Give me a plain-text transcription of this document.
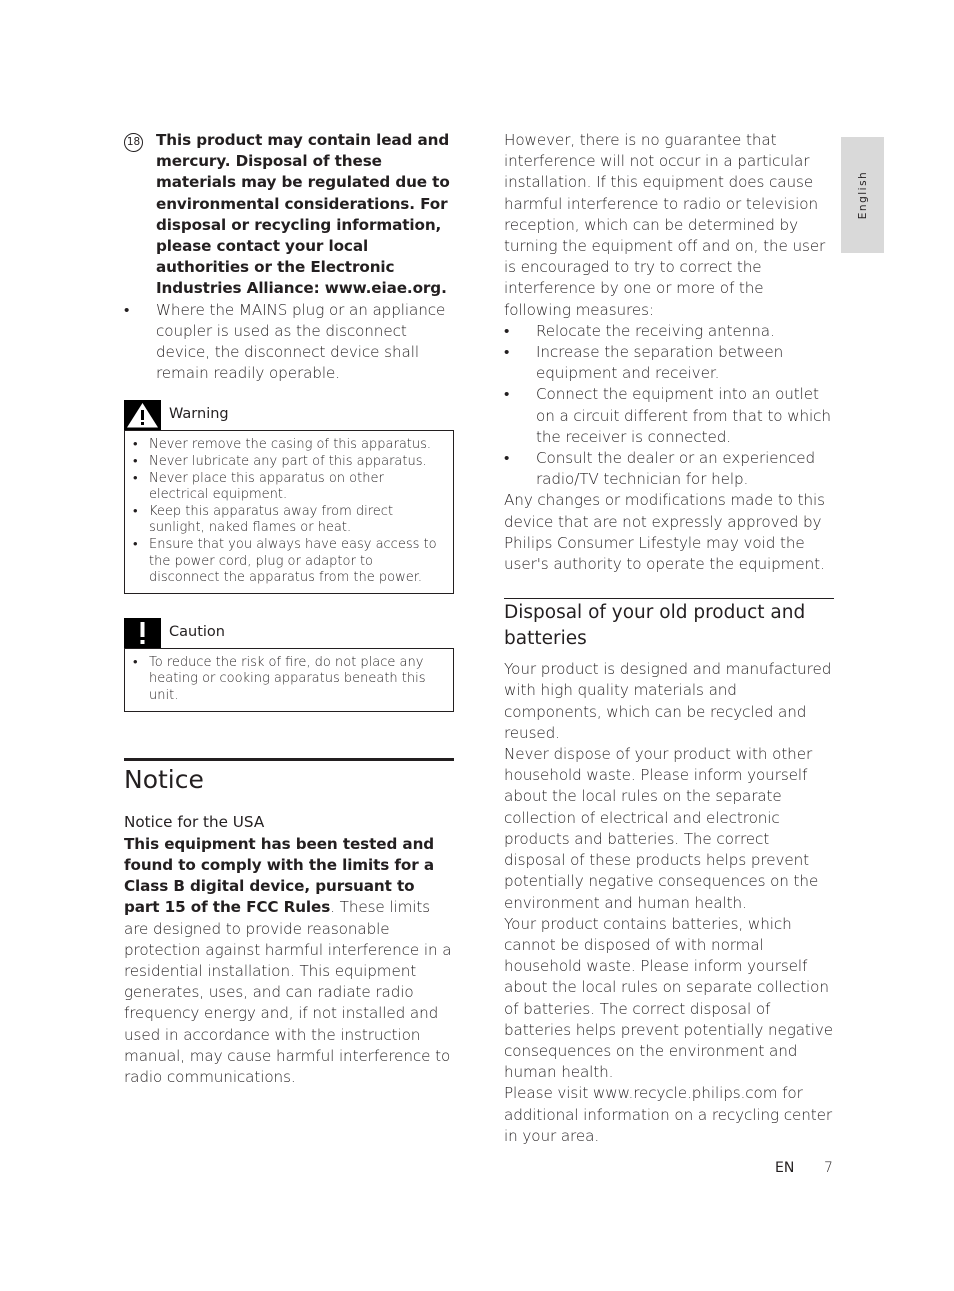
English
18 This product may contain lead and mercury. Disposal of these materials may be regulated due to environmental considerations. For disposal or recycling information, please contact your local authorities or the Electronic Industries Alliance: www.eiae.org.
• Where the MAINS plug or an appliance coupler is used as the disconnect device, the disconnect device shall remain readily operable.
Warning
• Never remove the casing of this apparatus.
• Never lubricate any part of this apparatus.
• Never place this apparatus on other electrical equipment.
• Keep this apparatus away from direct sunlight, naked flames or heat.
• Ensure that you always have easy access to the power cord, plug or adaptor to disconnect the apparatus from the power.
Caution
• To reduce the risk of fire, do not place any heating or cooking apparatus beneath this unit.
Notice
Notice for the USA

This equipment has been tested and found to comply with the limits for a Class B digital device, pursuant to part 15 of the FCC Rules. These limits are designed to provide reasonable protection against harmful interference in a residential installation. This equipment generates, uses, and can radiate radio frequency energy and, if not installed and used in accordance with the instruction manual, may cause harmful interference to radio communications.

However, there is no guarantee that interference will not occur in a particular installation. If this equipment does cause harmful interference to radio or television reception, which can be determined by turning the equipment off and on, the user is encouraged to try to correct the interference by one or more of the following measures:

• Relocate the receiving antenna.
• Increase the separation between equipment and receiver.
• Connect the equipment into an outlet on a circuit different from that to which the receiver is connected.
• Consult the dealer or an experienced radio/TV technician for help.

Any changes or modifications made to this device that are not expressly approved by Philips Consumer Lifestyle may void the user's authority to operate the equipment.

Disposal of your old product and batteries

Your product is designed and manufactured with high quality materials and components, which can be recycled and reused.

Never dispose of your product with other household waste. Please inform yourself about the local rules on the separate collection of electrical and electronic products and batteries. The correct disposal of these products helps prevent potentially negative consequences on the environment and human health.

Your product contains batteries, which cannot be disposed of with normal household waste. Please inform yourself about the local rules on separate collection of batteries. The correct disposal of batteries helps prevent potentially negative consequences on the environment and human health.

Please visit www.recycle.philips.com for additional information on a recycling center in your area.

EN 7
